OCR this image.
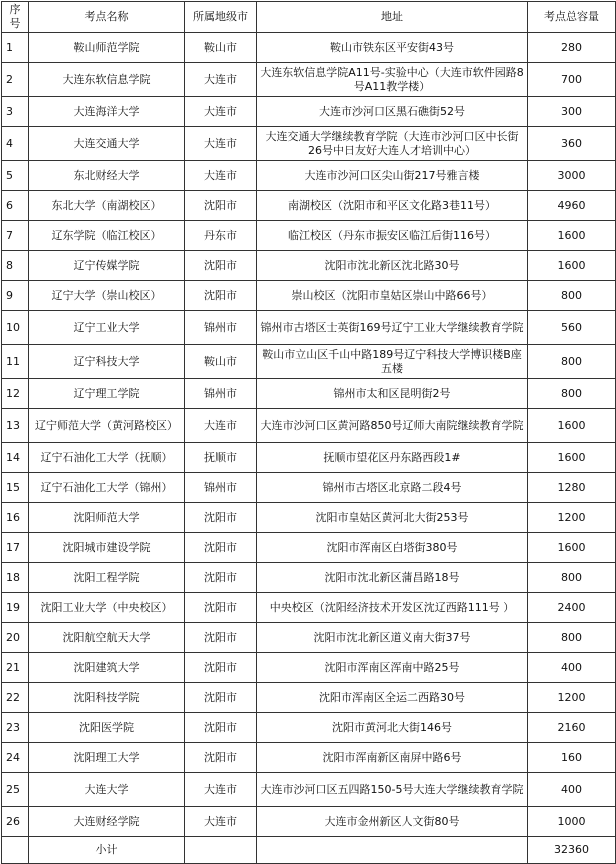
序号	考点名称	所属地级市	地址	考点总容量
1	鞍山师范学院	鞍山市	鞍山市铁东区平安街43号	280
2	大连东软信息学院	大连市	大连东软信息学院A11号-实验中心（大连市软件园路8号A11教学楼）	700
3	大连海洋大学	大连市	大连市沙河口区黑石礁街52号	300
4	大连交通大学	大连市	大连交通大学继续教育学院（大连市沙河口区中长街26号中日友好大连人才培训中心）	360
5	东北财经大学	大连市	大连市沙河口区尖山街217号雅言楼	3000
6	东北大学（南湖校区）	沈阳市	南湖校区（沈阳市和平区文化路3巷11号）	4960
7	辽东学院（临江校区）	丹东市	临江校区（丹东市振安区临江后街116号）	1600
8	辽宁传媒学院	沈阳市	沈阳市沈北新区沈北路30号	1600
9	辽宁大学（崇山校区）	沈阳市	崇山校区（沈阳市皇姑区崇山中路66号）	800
10	辽宁工业大学	锦州市	锦州市古塔区士英街169号辽宁工业大学继续教育学院	560
11	辽宁科技大学	鞍山市	鞍山市立山区千山中路189号辽宁科技大学博识楼B座五楼	800
12	辽宁理工学院	锦州市	锦州市太和区昆明街2号	800
13	辽宁师范大学（黄河路校区）	大连市	大连市沙河口区黄河路850号辽师大南院继续教育学院	1600
14	辽宁石油化工大学（抚顺）	抚顺市	抚顺市望花区丹东路西段1#	1600
15	辽宁石油化工大学（锦州）	锦州市	锦州市古塔区北京路二段4号	1280
16	沈阳师范大学	沈阳市	沈阳市皇姑区黄河北大街253号	1200
17	沈阳城市建设学院	沈阳市	沈阳市浑南区白塔街380号	1600
18	沈阳工程学院	沈阳市	沈阳市沈北新区蒲昌路18号	800
19	沈阳工业大学（中央校区）	沈阳市	中央校区（沈阳经济技术开发区沈辽西路111号 ）	2400
20	沈阳航空航天大学	沈阳市	沈阳市沈北新区道义南大街37号	800
21	沈阳建筑大学	沈阳市	沈阳市浑南区浑南中路25号	400
22	沈阳科技学院	沈阳市	沈阳市浑南区全运二西路30号	1200
23	沈阳医学院	沈阳市	沈阳市黄河北大街146号	2160
24	沈阳理工大学	沈阳市	沈阳市浑南新区南屏中路6号	160
25	大连大学	大连市	大连市沙河口区五四路150-5号大连大学继续教育学院	400
26	大连财经学院	大连市	大连市金州新区人文街80号	1000
	小计			32360
